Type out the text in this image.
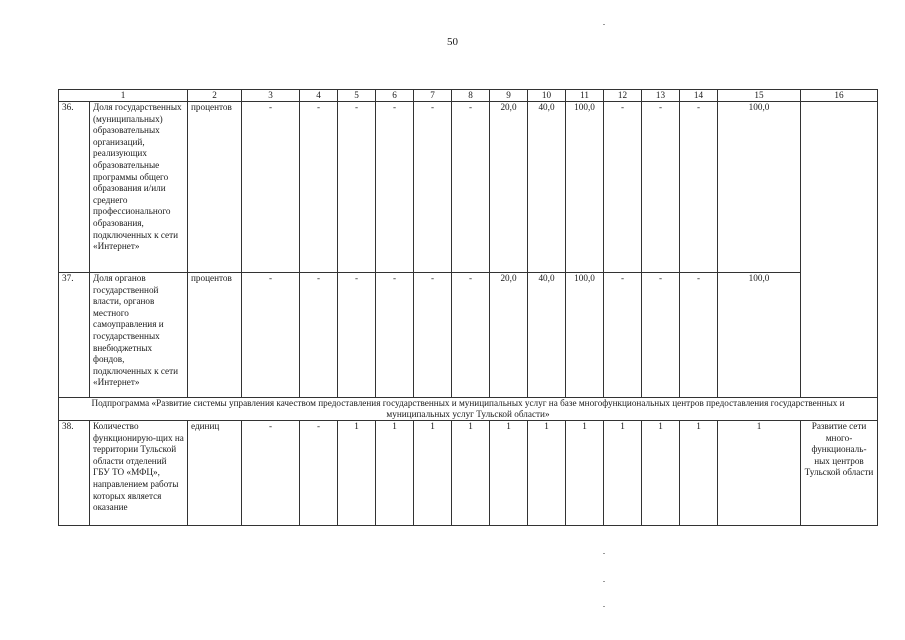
50
1		2	3	4	5	6	7	8	9	10	11	12	13	14	15	16
36.	Доля государственных (муниципальных) образовательных организаций, реализующих образовательные программы общего образования и/или среднего профессионального образования, подключенных к сети «Интернет»	процентов	-	-	-	-	-	-	20,0	40,0	100,0	-	-	-	100,0	
37.	Доля органов государственной власти, органов местного самоуправления и государственных внебюджетных фондов, подключенных к сети «Интернет»	процентов	-	-	-	-	-	-	20,0	40,0	100,0	-	-	-	100,0	
Подпрограмма «Развитие системы управления качеством предоставления государственных и муниципальных услуг на базе многофункциональных центров предоставления государственных и муниципальных услуг Тульской области»																
38.	Количество функционирую-щих на территории Тульской области отделений ГБУ ТО «МФЦ», направлением работы которых является оказание	единиц	-	-	1	1	1	1	1	1	1	1	1	1	1	Развитие сети много-функциональ-ных центров Тульской области
